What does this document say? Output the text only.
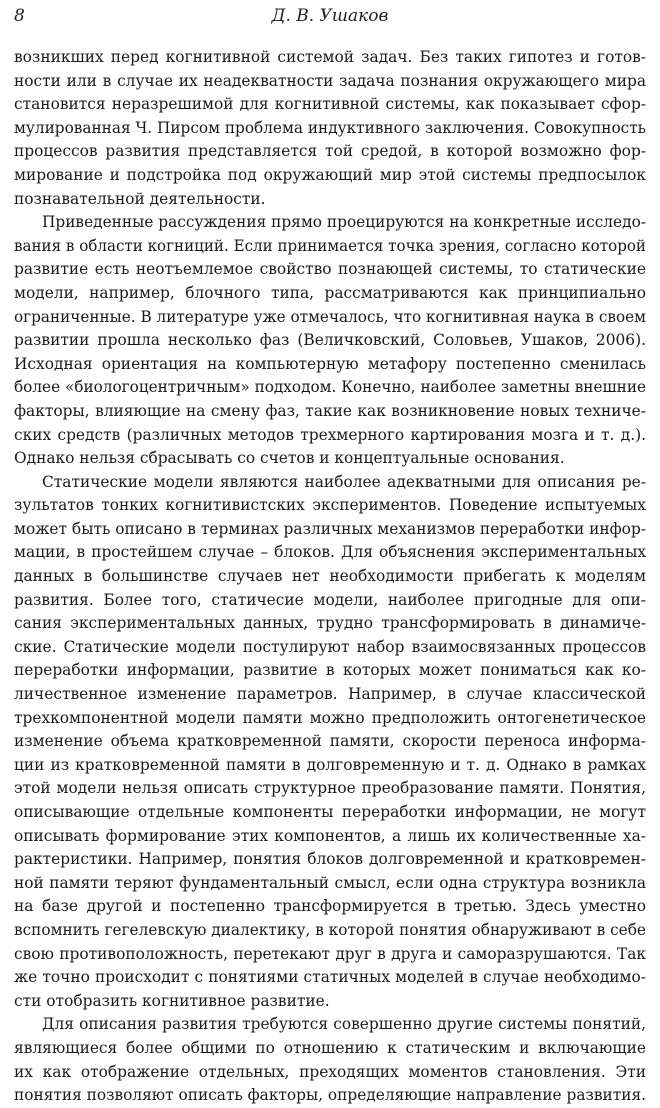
8	Д. В. Ушаков
возникших перед когнитивной системой задач. Без таких гипотез и готов-
ности или в случае их неадекватности задача познания окружающего мира
становится неразрешимой для когнитивной системы, как показывает сфор-
мулированная Ч. Пирсом проблема индуктивного заключения. Совокупность
процессов развития представляется той средой, в которой возможно фор-
мирование и подстройка под окружающий мир этой системы предпосылок
познавательной деятельности.
Приведенные рассуждения прямо проецируются на конкретные исследо-
вания в области когниций. Если принимается точка зрения, согласно которой
развитие есть неотъемлемое свойство познающей системы, то статические
модели, например, блочного типа, рассматриваются как принципиально
ограниченные. В литературе уже отмечалось, что когнитивная наука в своем
развитии прошла несколько фаз (Величковский, Соловьев, Ушаков, 2006).
Исходная ориентация на компьютерную метафору постепенно сменилась
более «биологоцентричным» подходом. Конечно, наиболее заметны внешние
факторы, влияющие на смену фаз, такие как возникновение новых техниче-
ских средств (различных методов трехмерного картирования мозга и т. д.).
Однако нельзя сбрасывать со счетов и концептуальные основания.
Статические модели являются наиболее адекватными для описания ре-
зультатов тонких когнитивистских экспериментов. Поведение испытуемых
может быть описано в терминах различных механизмов переработки инфор-
мации, в простейшем случае – блоков. Для объяснения экспериментальных
данных в большинстве случаев нет необходимости прибегать к моделям
развития. Более того, статичесие модели, наиболее пригодные для опи-
сания экспериментальных данных, трудно трансформировать в динамиче-
ские. Статические модели постулируют набор взаимосвязанных процессов
переработки информации, развитие в которых может пониматься как ко-
личественное изменение параметров. Например, в случае классической
трехкомпонентной модели памяти можно предположить онтогенетическое
изменение объема кратковременной памяти, скорости переноса информа-
ции из кратковременной памяти в долговременную и т. д. Однако в рамках
этой модели нельзя описать структурное преобразование памяти. Понятия,
описывающие отдельные компоненты переработки информации, не могут
описывать формирование этих компонентов, а лишь их количественные ха-
рактеристики. Например, понятия блоков долговременной и кратковремен-
ной памяти теряют фундаментальный смысл, если одна структура возникла
на базе другой и постепенно трансформируется в третью. Здесь уместно
вспомнить гегелевскую диалектику, в которой понятия обнаруживают в себе
свою противоположность, перетекают друг в друга и саморазрушаются. Так
же точно происходит с понятиями статичных моделей в случае необходимо-
сти отобразить когнитивное развитие.
Для описания развития требуются совершенно другие системы понятий,
являющиеся более общими по отношению к статическим и включающие
их как отображение отдельных, преходящих моментов становления. Эти
понятия позволяют описать факторы, определяющие направление развития.
